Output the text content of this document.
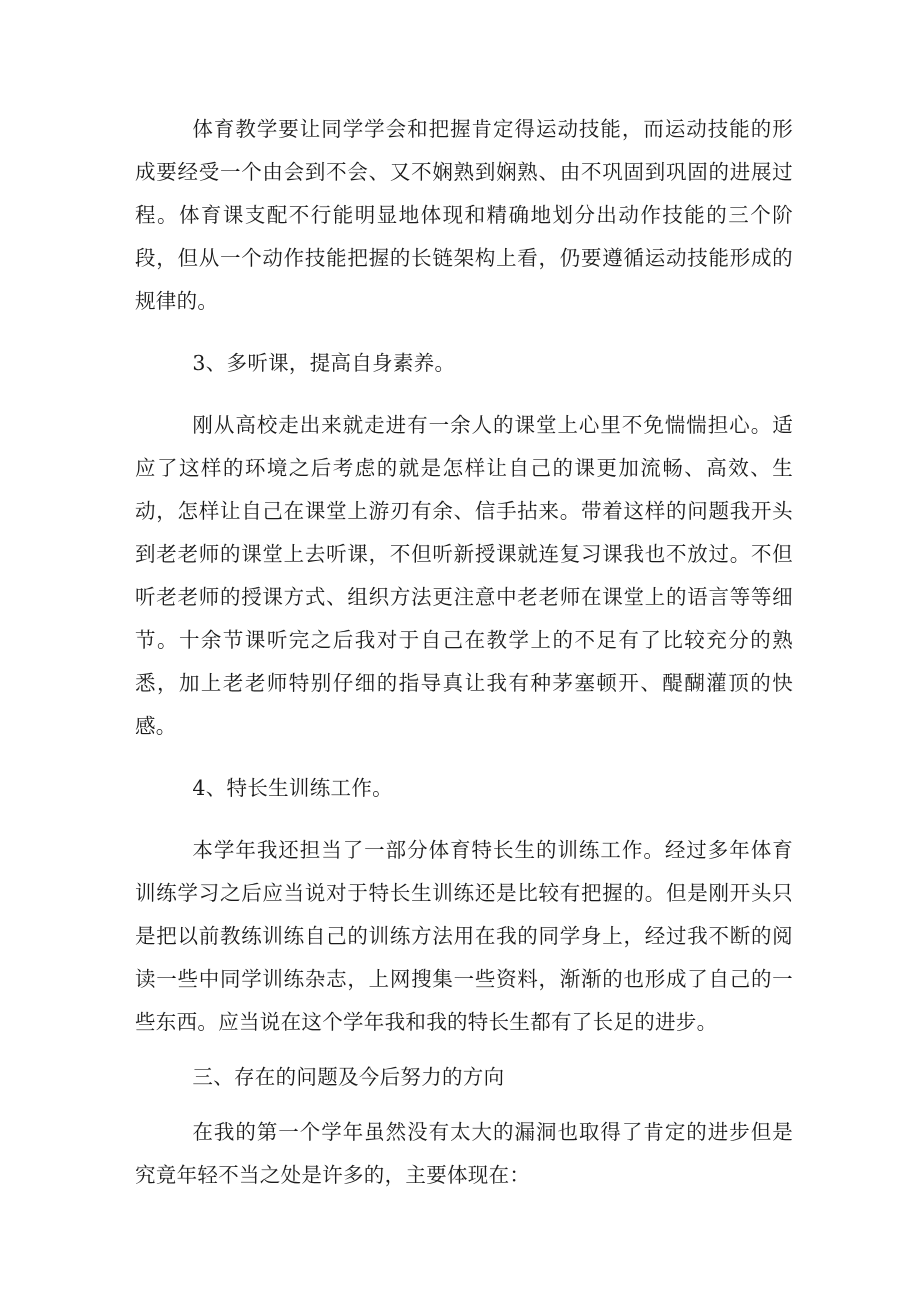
体育教学要让同学学会和把握肯定得运动技能，而运动技能的形成要经受一个由会到不会、又不娴熟到娴熟、由不巩固到巩固的进展过程。体育课支配不行能明显地体现和精确地划分出动作技能的三个阶段，但从一个动作技能把握的长链架构上看，仍要遵循运动技能形成的规律的。

3、多听课，提高自身素养。

刚从高校走出来就走进有一余人的课堂上心里不免惴惴担心。适应了这样的环境之后考虑的就是怎样让自己的课更加流畅、高效、生动，怎样让自己在课堂上游刃有余、信手拈来。带着这样的问题我开头到老老师的课堂上去听课，不但听新授课就连复习课我也不放过。不但听老老师的授课方式、组织方法更注意中老老师在课堂上的语言等等细节。十余节课听完之后我对于自己在教学上的不足有了比较充分的熟悉，加上老老师特别仔细的指导真让我有种茅塞顿开、醍醐灌顶的快感。

4、特长生训练工作。

本学年我还担当了一部分体育特长生的训练工作。经过多年体育训练学习之后应当说对于特长生训练还是比较有把握的。但是刚开头只是把以前教练训练自己的训练方法用在我的同学身上，经过我不断的阅读一些中同学训练杂志，上网搜集一些资料，渐渐的也形成了自己的一些东西。应当说在这个学年我和我的特长生都有了长足的进步。

三、存在的问题及今后努力的方向

在我的第一个学年虽然没有太大的漏洞也取得了肯定的进步但是究竟年轻不当之处是许多的，主要体现在：
